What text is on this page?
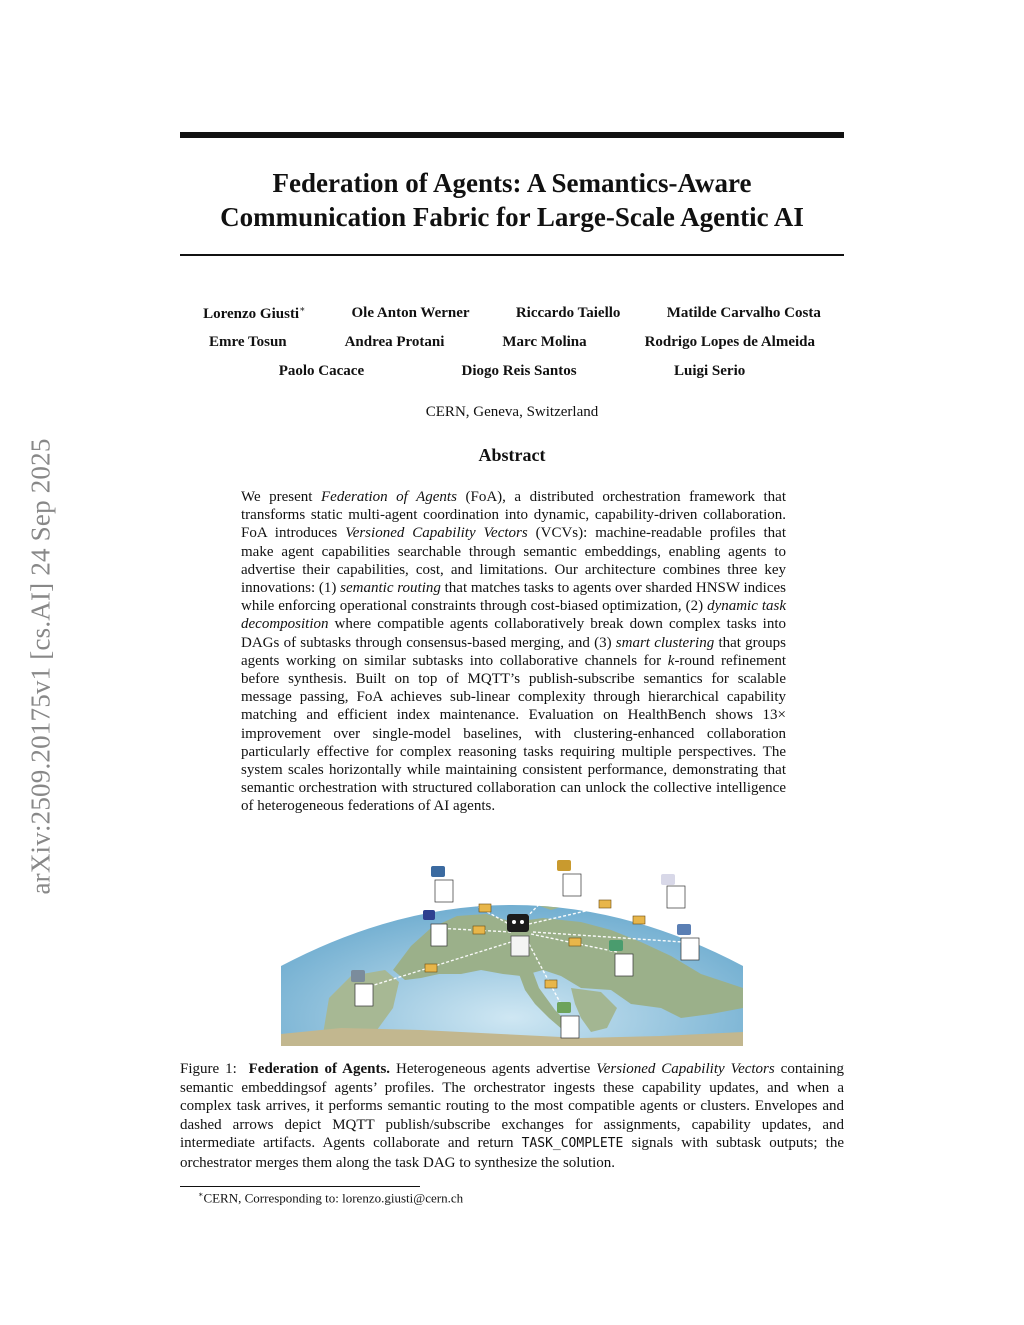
arXiv:2509.20175v1 [cs.AI] 24 Sep 2025
Federation of Agents: A Semantics-Aware
Communication Fabric for Large-Scale Agentic AI
Lorenzo Giusti∗	Ole Anton Werner	Riccardo Taiello	Matilde Carvalho Costa
Emre Tosun	Andrea Protani	Marc Molina	Rodrigo Lopes de Almeida
Paolo Cacace	Diogo Reis Santos	Luigi Serio
CERN, Geneva, Switzerland
Abstract
We present Federation of Agents (FoA), a distributed orchestration framework that transforms static multi-agent coordination into dynamic, capability-driven collaboration. FoA introduces Versioned Capability Vectors (VCVs): machine-readable profiles that make agent capabilities searchable through semantic embeddings, enabling agents to advertise their capabilities, cost, and limitations. Our architecture combines three key innovations: (1) semantic routing that matches tasks to agents over sharded HNSW indices while enforcing operational constraints through cost-biased optimization, (2) dynamic task decomposition where compatible agents collaboratively break down complex tasks into DAGs of subtasks through consensus-based merging, and (3) smart clustering that groups agents working on similar subtasks into collaborative channels for k-round refinement before synthesis. Built on top of MQTT’s publish-subscribe semantics for scalable message passing, FoA achieves sub-linear complexity through hierarchical capability matching and efficient index maintenance. Evaluation on HealthBench shows 13× improvement over single-model baselines, with clustering-enhanced collaboration particularly effective for complex reasoning tasks requiring multiple perspectives. The system scales horizontally while maintaining consistent performance, demonstrating that semantic orchestration with structured collaboration can unlock the collective intelligence of heterogeneous federations of AI agents.
Figure 1: Federation of Agents. Heterogeneous agents advertise Versioned Capability Vectors containing semantic embeddingsof agents’ profiles. The orchestrator ingests these capability updates, and when a complex task arrives, it performs semantic routing to the most compatible agents or clusters. Envelopes and dashed arrows depict MQTT publish/subscribe exchanges for assignments, capability updates, and intermediate artifacts. Agents collaborate and return TASK_COMPLETE signals with subtask outputs; the orchestrator merges them along the task DAG to synthesize the solution.
∗CERN, Corresponding to: lorenzo.giusti@cern.ch
